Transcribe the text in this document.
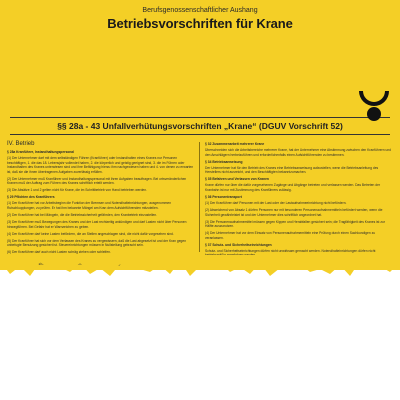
Berufsgenossenschaftlicher Aushang
Betriebsvorschriften für Krane
§§ 28a - 43 Unfallverhütungsvorschriften „Krane“ (DGUV Vorschrift 52)
IV. Betrieb
§ 28a Kranführer, Instandhaltungspersonal
(1) Der Unternehmer darf mit dem selbständigen Führen (Kranführer) oder Instandhalten eines Kranes nur Personen beschäftigen, 1. die das 18. Lebensjahr vollendet haben, 2. die körperlich und geistig geeignet sind, 3. die im Führen oder Instandhalten des Kranes unterwiesen sind und ihre Befähigung hierzu ihm nachgewiesen haben und 4. von denen zu erwarten ist, daß sie die ihnen übertragenen Aufgaben zuverlässig erfüllen.
(2) Der Unternehmer muß Kranführer und Instandhaltungspersonal mit ihren Aufgaben beauftragen. Bei ortsveränderlichen Kranen muß der Auftrag zum Führen des Kranes schriftlich erteilt werden.
(3) Die Absätze 1 und 2 gelten nicht für Krane, die im Schrittbetrieb von Hand betrieben werden.
§ 29 Pflichten des Kranführers
(1) Der Kranführer hat vor Arbeitsbeginn die Funktion der Bremsen und Notendhalteinrichtungen, ausgenommen Rutschkupplungen, zu prüfen. Er hat ihm bekannte Mängel am Kran dem Aufsichtführenden mitzuteilen.
(2) Der Kranführer hat bei Mängeln, die die Betriebssicherheit gefährden, den Kranbetrieb einzustellen.
(3) Der Kranführer muß Bewegungen des Kranes und der Last rechtzeitig ankündigen und darf Lasten nicht über Personen hinwegführen. Bei Gefahr hat er Warnzeichen zu geben.
(4) Der Kranführer darf keine Lasten befördern, die an Stellen angeschlagen sind, die nicht dafür vorgesehen sind.
(5) Der Kranführer hat sich vor dem Verlassen des Kranes zu vergewissern, daß die Last abgesetzt ist und der Kran gegen unbefugte Benutzung gesichert ist. Steuereinrichtungen müssen in Nullstellung gebracht sein.
(6) Der Kranführer darf auch nicht Lasten schräg ziehen oder schleifen.
§ 32 Zusammenarbeit mehrerer Krane
Überschneiden sich die Arbeitsbereiche mehrerer Krane, hat der Unternehmer eine Abstimmung zwischen den Kranführern und den Anschlägern herbeizuführen und erforderlichenfalls einen Aufsichtführenden zu bestimmen.
§ 34 Betriebsanweisung
Der Unternehmer hat für den Betrieb des Kranes eine Betriebsanweisung aufzustellen, wenn die Betriebsanleitung des Herstellers nicht ausreicht, und den Beschäftigten bekanntzumachen.
§ 35 Befahren und Verlassen von Kranen
Krane dürfen nur über die dafür vorgesehenen Zugänge und Abgänge betreten und verlassen werden. Das Betreten der Kranbahn ist nur mit Zustimmung des Kranführers zulässig.
§ 36 Personentransport
(1) Der Kranführer darf Personen mit der Last oder der Lastaufnahmeeinrichtung nicht befördern.
(2) Abweichend von Absatz 1 dürfen Personen nur mit besonderen Personenaufnahmemitteln befördert werden, wenn die Sicherheit gewährleistet ist und der Unternehmer dies schriftlich angeordnet hat.
(3) Die Personenaufnahmemittel müssen gegen Kippen und Herabfallen gesichert sein; die Tragfähigkeit des Kranes ist zur Hälfte auszunutzen.
(4) Der Unternehmer hat vor dem Einsatz von Personenaufnahmemitteln eine Prüfung durch einen Sachkundigen zu veranlassen.
§ 37 Schutz- und Sicherheitseinrichtungen
Schutz- und Sicherheitseinrichtungen dürfen nicht unwirksam gemacht werden. Notendhalteinrichtungen dürfen nicht
